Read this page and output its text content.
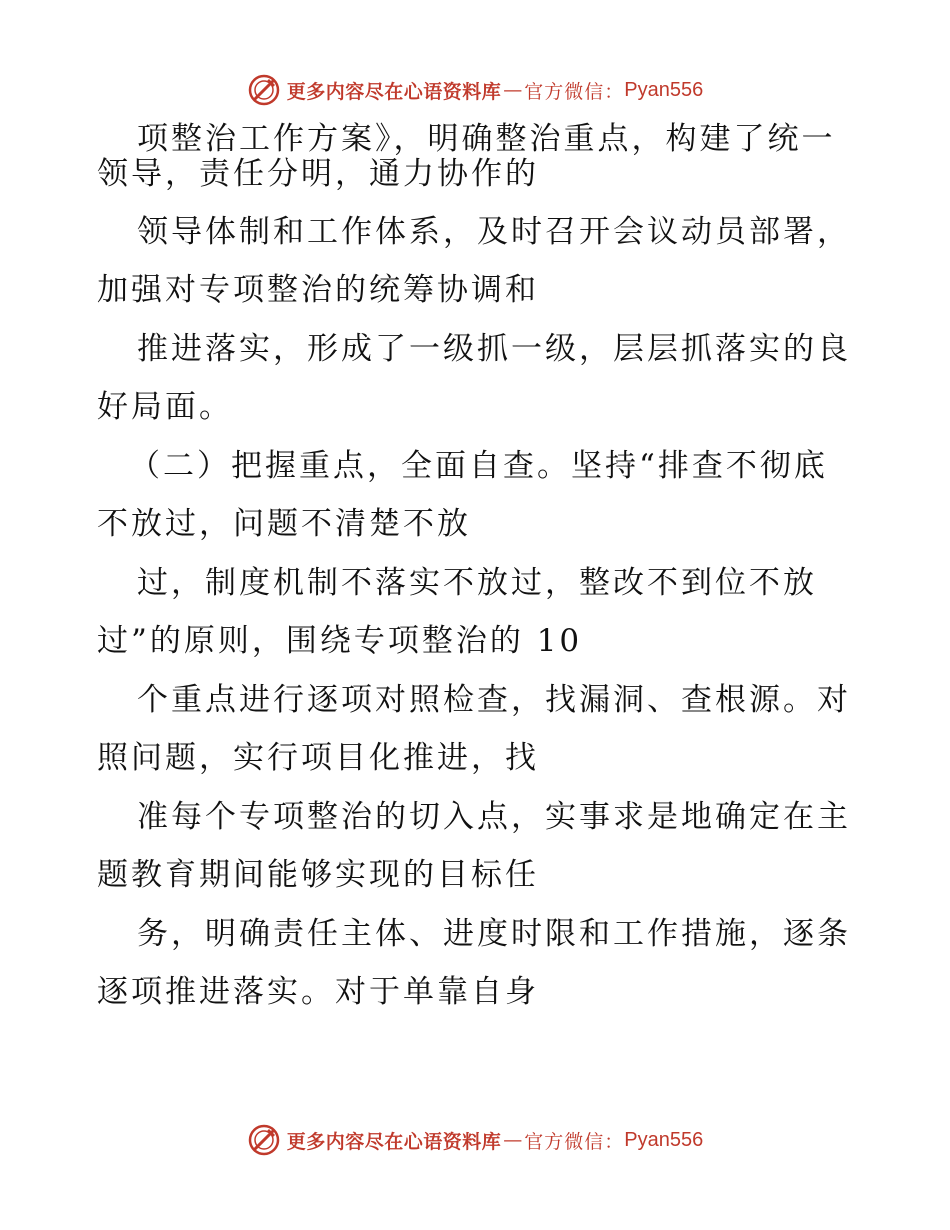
更多内容尽在心语资料库 — 官方微信： Pyan556
项整治工作方案》，明确整治重点，构建了统一
领导，责任分明，通力协作的
领导体制和工作体系，及时召开会议动员部署，
加强对专项整治的统筹协调和
推进落实，形成了一级抓一级，层层抓落实的良
好局面。
（二）把握重点，全面自查。坚持“排查不彻底
不放过，问题不清楚不放
过，制度机制不落实不放过，整改不到位不放
过”的原则，围绕专项整治的 10
个重点进行逐项对照检查，找漏洞、查根源。对
照问题，实行项目化推进，找
准每个专项整治的切入点，实事求是地确定在主
题教育期间能够实现的目标任
务，明确责任主体、进度时限和工作措施，逐条
逐项推进落实。对于单靠自身
更多内容尽在心语资料库 — 官方微信： Pyan556
